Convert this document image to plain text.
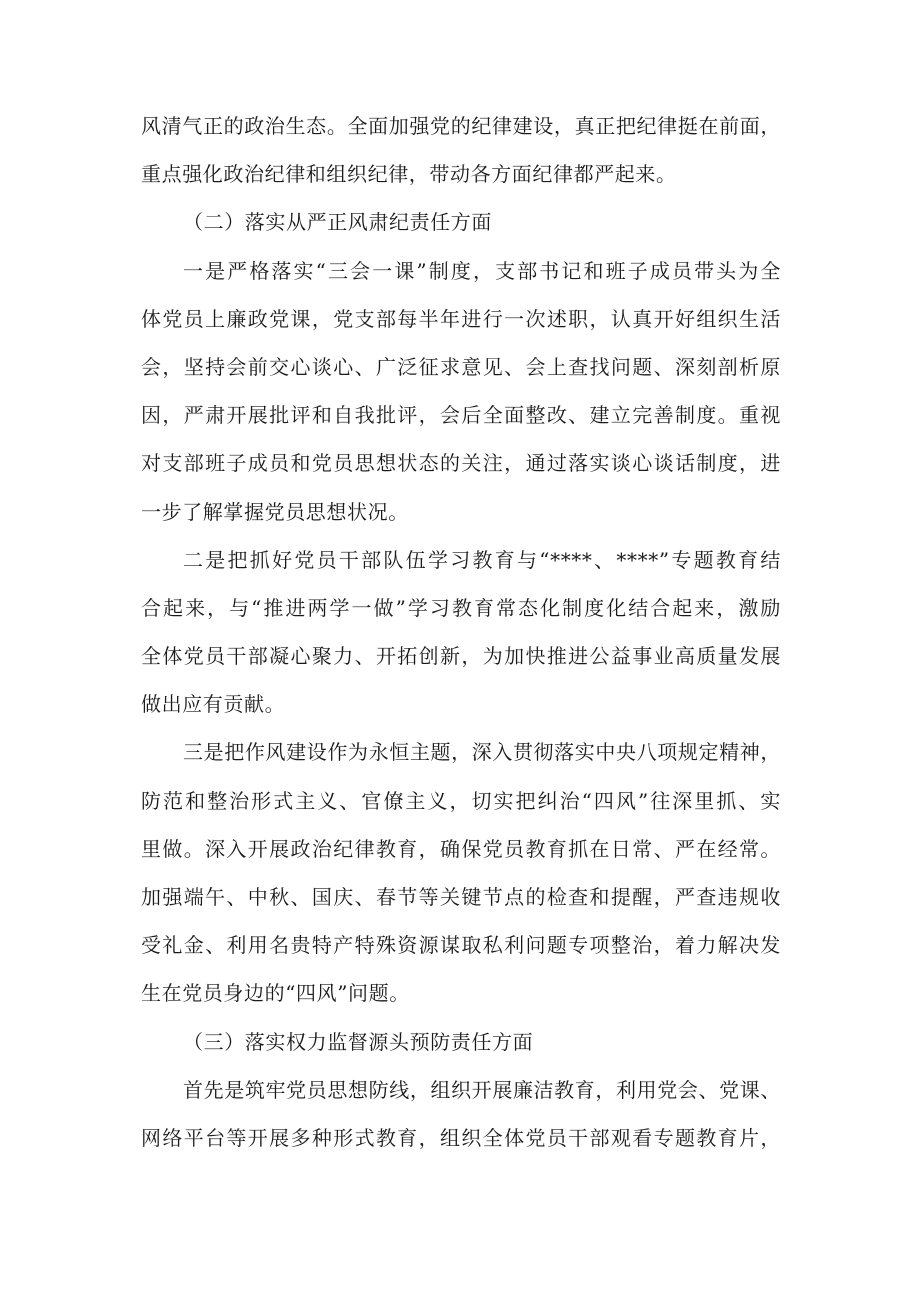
风清气正的政治生态。全面加强党的纪律建设，真正把纪律挺在前面，
重点强化政治纪律和组织纪律，带动各方面纪律都严起来。
（二）落实从严正风肃纪责任方面
一是严格落实“三会一课”制度，支部书记和班子成员带头为全
体党员上廉政党课，党支部每半年进行一次述职，认真开好组织生活
会，坚持会前交心谈心、广泛征求意见、会上查找问题、深刻剖析原
因，严肃开展批评和自我批评，会后全面整改、建立完善制度。重视
对支部班子成员和党员思想状态的关注，通过落实谈心谈话制度，进
一步了解掌握党员思想状况。
二是把抓好党员干部队伍学习教育与“****、****”专题教育结
合起来，与“推进两学一做”学习教育常态化制度化结合起来，激励
全体党员干部凝心聚力、开拓创新，为加快推进公益事业高质量发展
做出应有贡献。
三是把作风建设作为永恒主题，深入贯彻落实中央八项规定精神，
防范和整治形式主义、官僚主义，切实把纠治“四风”往深里抓、实
里做。深入开展政治纪律教育，确保党员教育抓在日常、严在经常。
加强端午、中秋、国庆、春节等关键节点的检查和提醒，严查违规收
受礼金、利用名贵特产特殊资源谋取私利问题专项整治，着力解决发
生在党员身边的“四风”问题。
（三）落实权力监督源头预防责任方面
首先是筑牢党员思想防线，组织开展廉洁教育，利用党会、党课、
网络平台等开展多种形式教育，组织全体党员干部观看专题教育片，
